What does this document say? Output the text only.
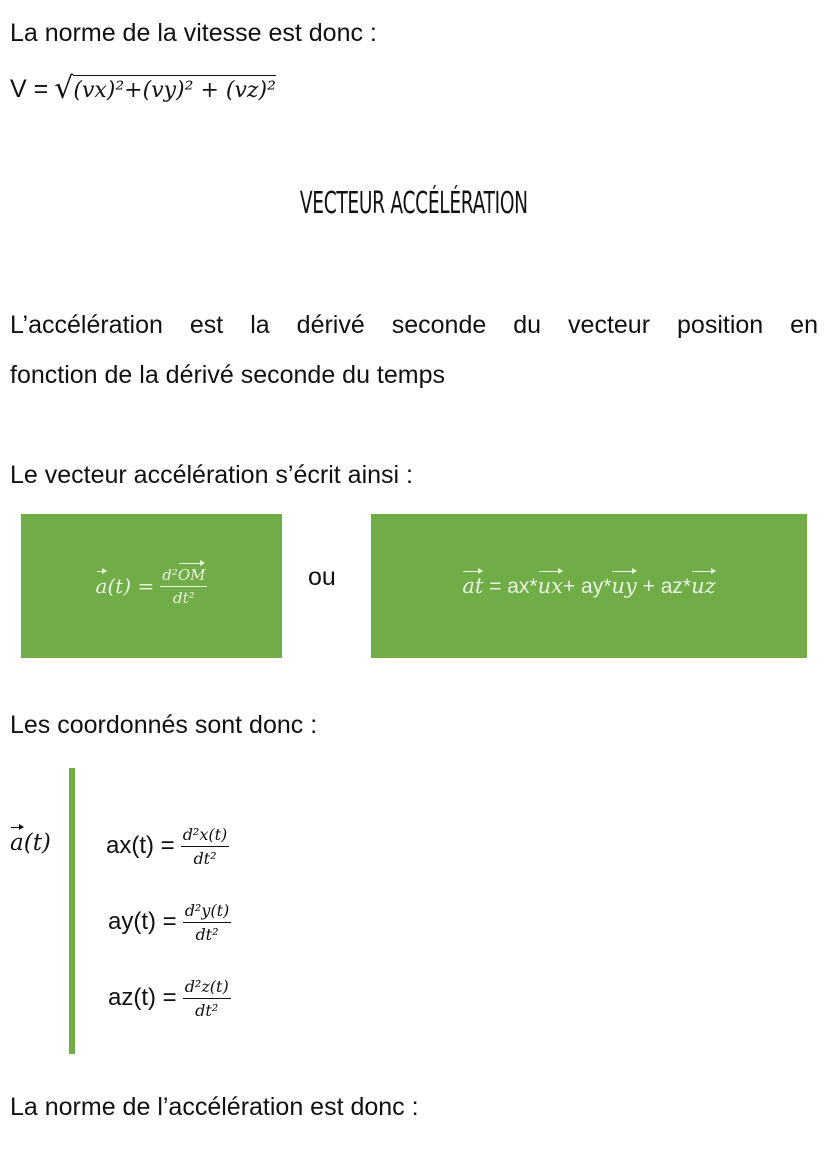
La norme de la vitesse est donc :
V = √ (vx)²+(vy)² + (vz)²
VECTEUR ACCÉLÉRATION
L’accélération est la dérivé seconde du vecteur position en
fonction de la dérivé seconde du temps
Le vecteur accélération s’écrit ainsi :
a $(t) = \frac{\text{d²OM}}{\text{dt²}}$	ou	at = ax*ux+ ay*uy + az*uz
Les coordonnés sont donc :
a (t) $ax(t) = \frac{\text{d²x(t)}}{\text{dt²}}$
$ay(t) = \frac{\text{d²y(t)}}{\text{dt²}}$
$az(t) = \frac{\text{d²z(t)}}{\text{dt²}}$
La norme de l’accélération est donc :
